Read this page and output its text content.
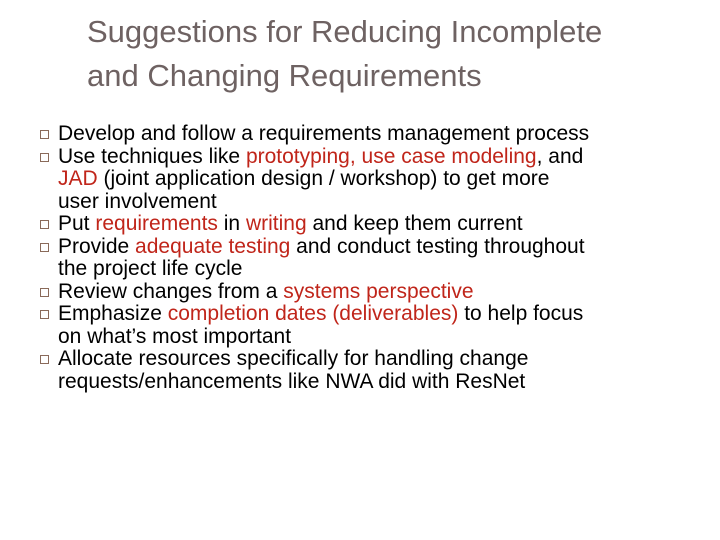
Suggestions for Reducing Incomplete
and Changing Requirements
Develop and follow a requirements management process
Use techniques like prototyping, use case modeling, and
JAD (joint application design / workshop) to get more
user involvement
Put requirements in writing and keep them current
Provide adequate testing and conduct testing throughout
the project life cycle
Review changes from a systems perspective
Emphasize completion dates (deliverables) to help focus
on what’s most important
Allocate resources specifically for handling change
requests/enhancements like NWA did with ResNet
